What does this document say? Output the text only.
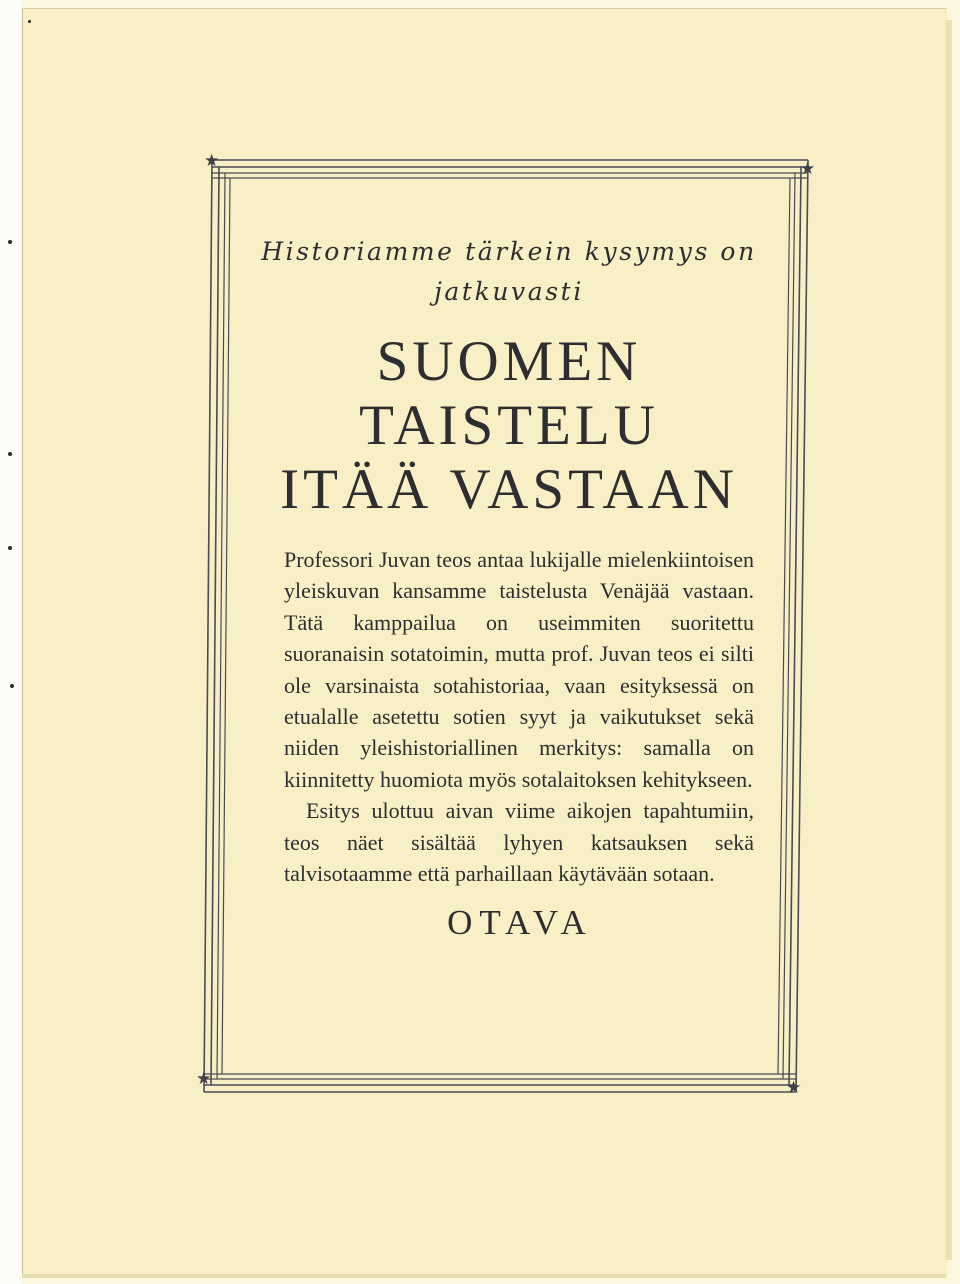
★	★
★	★

Historiamme tärkein kysymys on jatkuvasti

SUOMEN
TAISTELU
ITÄÄ VASTAAN

Professori Juvan teos antaa lukijalle mielenkiintoisen yleiskuvan kansamme taistelusta Venäjää vastaan. Tätä kamppailua on useimmiten suoritettu suoranaisin sotatoimin, mutta prof. Juvan teos ei silti ole varsinaista sotahistoriaa, vaan esityksessä on etualalle asetettu sotien syyt ja vaikutukset sekä niiden yleishistoriallinen merkitys: samalla on kiinnitetty huomiota myös sotalaitoksen kehitykseen.

Esitys ulottuu aivan viime aikojen tapahtumiin, teos näet sisältää lyhyen katsauksen sekä talvisotaamme että parhaillaan käytävään sotaan.

OTAVA
